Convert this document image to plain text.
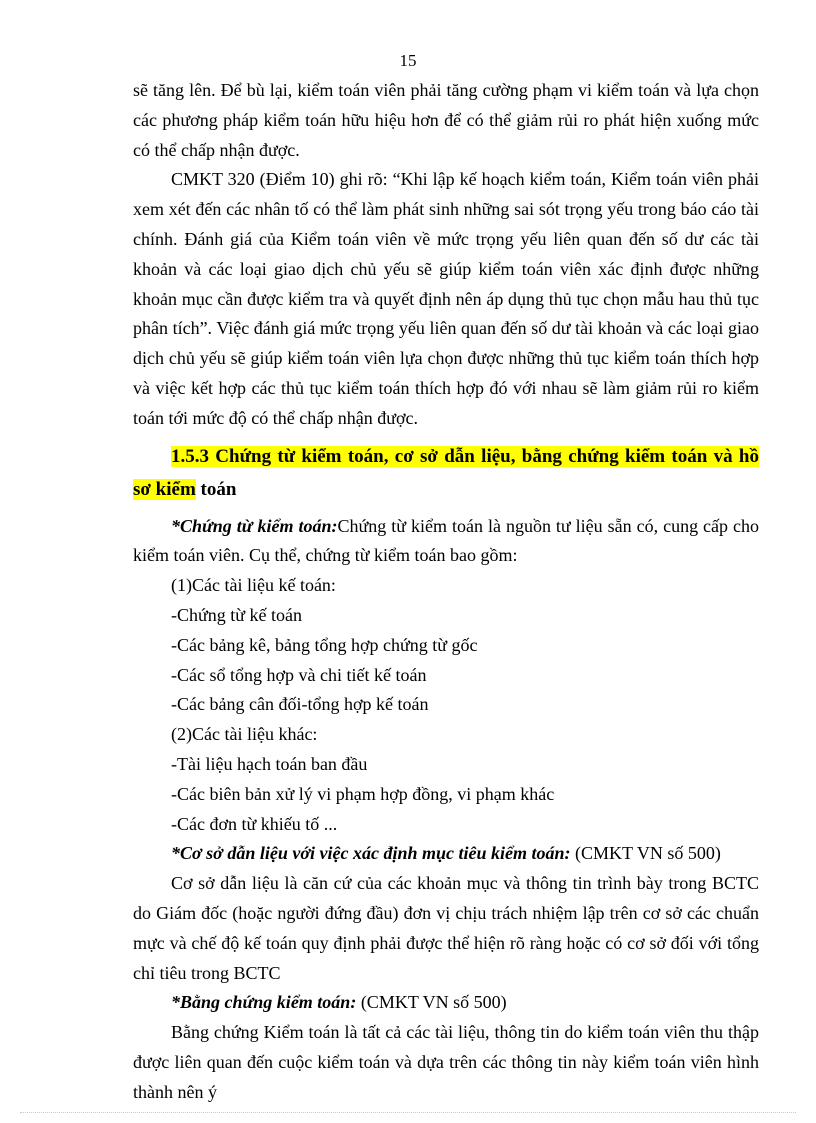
15

sẽ tăng lên. Để bù lại, kiểm toán viên phải tăng cường phạm vi kiểm toán và lựa chọn các phương pháp kiểm toán hữu hiệu hơn để có thể giảm rủi ro phát hiện xuống mức có thể chấp nhận được.

CMKT 320 (Điểm 10) ghi rõ: “Khi lập kế hoạch kiểm toán, Kiểm toán viên phải xem xét đến các nhân tố có thể làm phát sinh những sai sót trọng yếu trong báo cáo tài chính. Đánh giá của Kiểm toán viên về mức trọng yếu liên quan đến số dư các tài khoản và các loại giao dịch chủ yếu sẽ giúp kiểm toán viên xác định được những khoản mục cần được kiểm tra và quyết định nên áp dụng thủ tục chọn mẫu hau thủ tục phân tích”. Việc đánh giá mức trọng yếu liên quan đến số dư tài khoản và các loại giao dịch chủ yếu sẽ giúp kiểm toán viên lựa chọn được những thủ tục kiểm toán thích hợp và việc kết hợp các thủ tục kiểm toán thích hợp đó với nhau sẽ làm giảm rủi ro kiểm toán tới mức độ có thể chấp nhận được.

1.5.3 Chứng từ kiểm toán, cơ sở dẫn liệu, bằng chứng kiểm toán và hồ sơ kiểm toán

*Chứng từ kiểm toán:Chứng từ kiểm toán là nguồn tư liệu sẵn có, cung cấp cho kiểm toán viên. Cụ thể, chứng từ kiểm toán bao gồm:

(1)Các tài liệu kế toán:

-Chứng từ kế toán

-Các bảng kê, bảng tổng hợp chứng từ gốc

-Các sổ tổng hợp và chi tiết kế toán

-Các bảng cân đối-tổng hợp kế toán

(2)Các tài liệu khác:

-Tài liệu hạch toán ban đầu

-Các biên bản xử lý vi phạm hợp đồng, vi phạm khác

-Các đơn từ khiếu tố ...

*Cơ sở dẫn liệu với việc xác định mục tiêu kiểm toán: (CMKT VN số 500)

Cơ sở dẫn liệu là căn cứ của các khoản mục và thông tin trình bày trong BCTC do Giám đốc (hoặc người đứng đầu) đơn vị chịu trách nhiệm lập trên cơ sở các chuẩn mực và chế độ kế toán quy định phải được thể hiện rõ ràng hoặc có cơ sở đối với tổng chỉ tiêu trong BCTC

*Bằng chứng kiểm toán: (CMKT VN số 500)

Bằng chứng Kiểm toán là tất cả các tài liệu, thông tin do kiểm toán viên thu thập được liên quan đến cuộc kiểm toán và dựa trên các thông tin này kiểm toán viên hình thành nên ý
